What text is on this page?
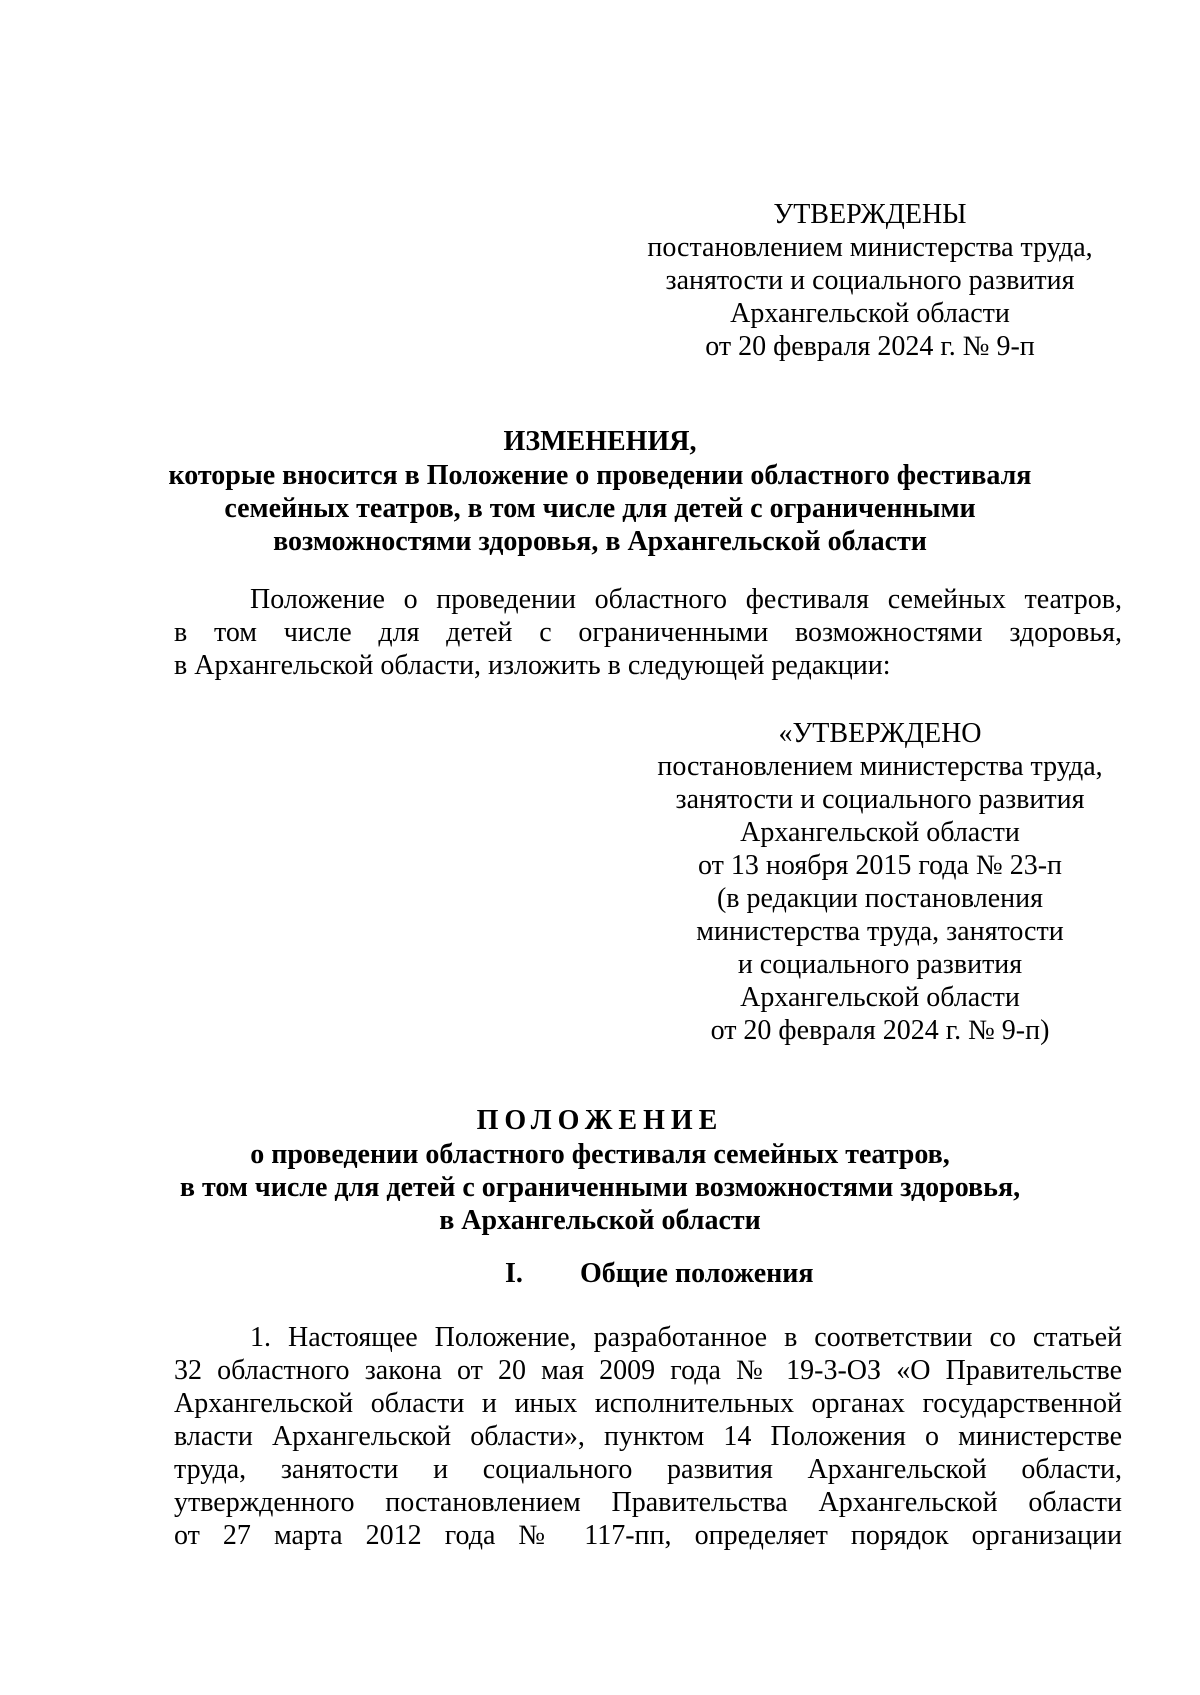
УТВЕРЖДЕНЫ
постановлением министерства труда,
занятости и социального развития
Архангельской области
от 20 февраля 2024 г. № 9-п
ИЗМЕНЕНИЯ,
которые вносится в Положение о проведении областного фестиваля
семейных театров, в том числе для детей с ограниченными
возможностями здоровья, в Архангельской области
Положение о проведении областного фестиваля семейных театров,
в том числе для детей с ограниченными возможностями здоровья,
в Архангельской области, изложить в следующей редакции:
«УТВЕРЖДЕНО
постановлением министерства труда,
занятости и социального развития
Архангельской области
от 13 ноября 2015 года № 23-п
(в редакции постановления
министерства труда, занятости
и социального развития
Архангельской области
от 20 февраля 2024 г. № 9-п)
ПОЛОЖЕНИЕ
о проведении областного фестиваля семейных театров,
в том числе для детей с ограниченными возможностями здоровья,
в Архангельской области
I. Общие положения
1. Настоящее Положение, разработанное в соответствии со статьей
32 областного закона от 20 мая 2009 года № 19-3-ОЗ «О Правительстве
Архангельской области и иных исполнительных органах государственной
власти Архангельской области», пунктом 14 Положения о министерстве
труда, занятости и социального развития Архангельской области,
утвержденного постановлением Правительства Архангельской области
от 27 марта 2012 года № 117-пп, определяет порядок организации
